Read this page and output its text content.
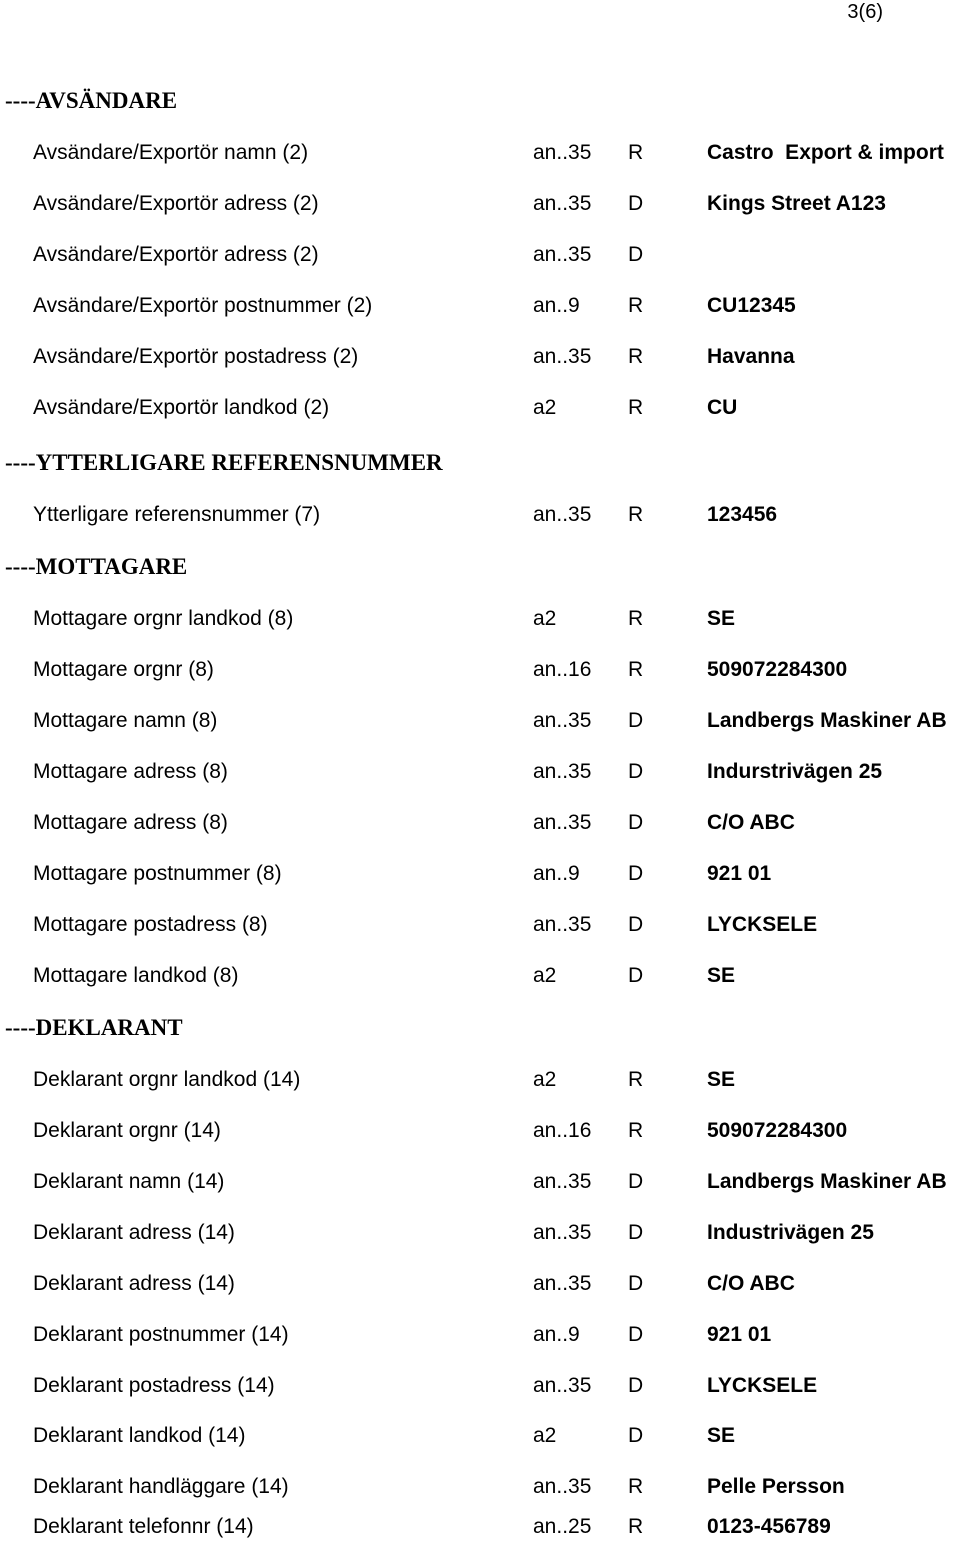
3(6)
----AVSÄNDARE
Avsändare/Exportör namn (2)	an..35 R	Castro  Export & import
Avsändare/Exportör adress (2)	an..35 D	Kings Street A123
Avsändare/Exportör adress (2)	an..35 D
Avsändare/Exportör postnummer (2)	an..9 R	CU12345
Avsändare/Exportör postadress (2)	an..35 R	Havanna
Avsändare/Exportör landkod (2)	a2	R	CU
----YTTERLIGARE REFERENSNUMMER
Ytterligare referensnummer (7)	an..35 R	123456
----MOTTAGARE
Mottagare orgnr landkod (8)	a2	R	SE
Mottagare orgnr (8)	an..16 R	509072284300
Mottagare namn (8)	an..35 D	Landbergs Maskiner AB
Mottagare adress (8)	an..35 D	Indurstrivägen 25
Mottagare adress (8)	an..35 D	C/O ABC
Mottagare postnummer (8)	an..9 D	921 01
Mottagare postadress (8)	an..35 D	LYCKSELE
Mottagare landkod (8)	a2	D	SE
----DEKLARANT
Deklarant orgnr landkod (14)	a2	R	SE
Deklarant orgnr (14)	an..16 R	509072284300
Deklarant namn (14)	an..35 D	Landbergs Maskiner AB
Deklarant adress (14)	an..35 D	Industrivägen 25
Deklarant adress (14)	an..35 D	C/O ABC
Deklarant postnummer (14)	an..9 D	921 01
Deklarant postadress (14)	an..35 D	LYCKSELE
Deklarant landkod (14)	a2	D	SE
Deklarant handläggare (14)	an..35 R	Pelle Persson
Deklarant telefonnr (14)	an..25 R	0123-456789
